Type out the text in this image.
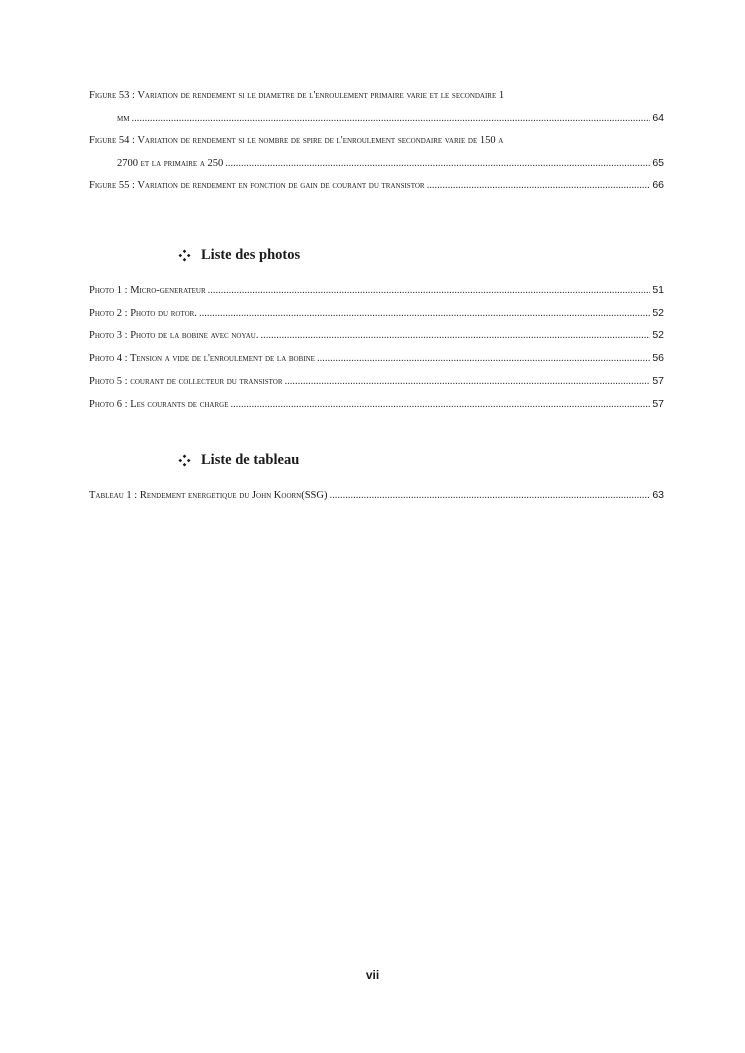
Figure 53 : Variation de rendement si le diametre de l'enroulement primaire varie et le secondaire 1
mm .....	64
Figure 54 : Variation de rendement si le nombre de spire de l'enroulement secondaire varie de 150 a
2700 et la primaire a 250 .....	65
Figure 55 : Variation de rendement en fonction de gain de courant du transistor .....	66
Liste des photos
Photo 1 : Micro-generateur .....	51
Photo 2 : Photo du rotor. .....	52
Photo 3 : Photo de la bobine avec noyau. .....	52
Photo 4 : Tension a vide de l'enroulement de la bobine .....	56
Photo 5 : courant de collecteur du transistor .....	57
Photo 6 : Les courants de charge .....	57
Liste de tableau
Tableau 1 : Rendement energetique du John Koorn(SSG) .....	63
vii
